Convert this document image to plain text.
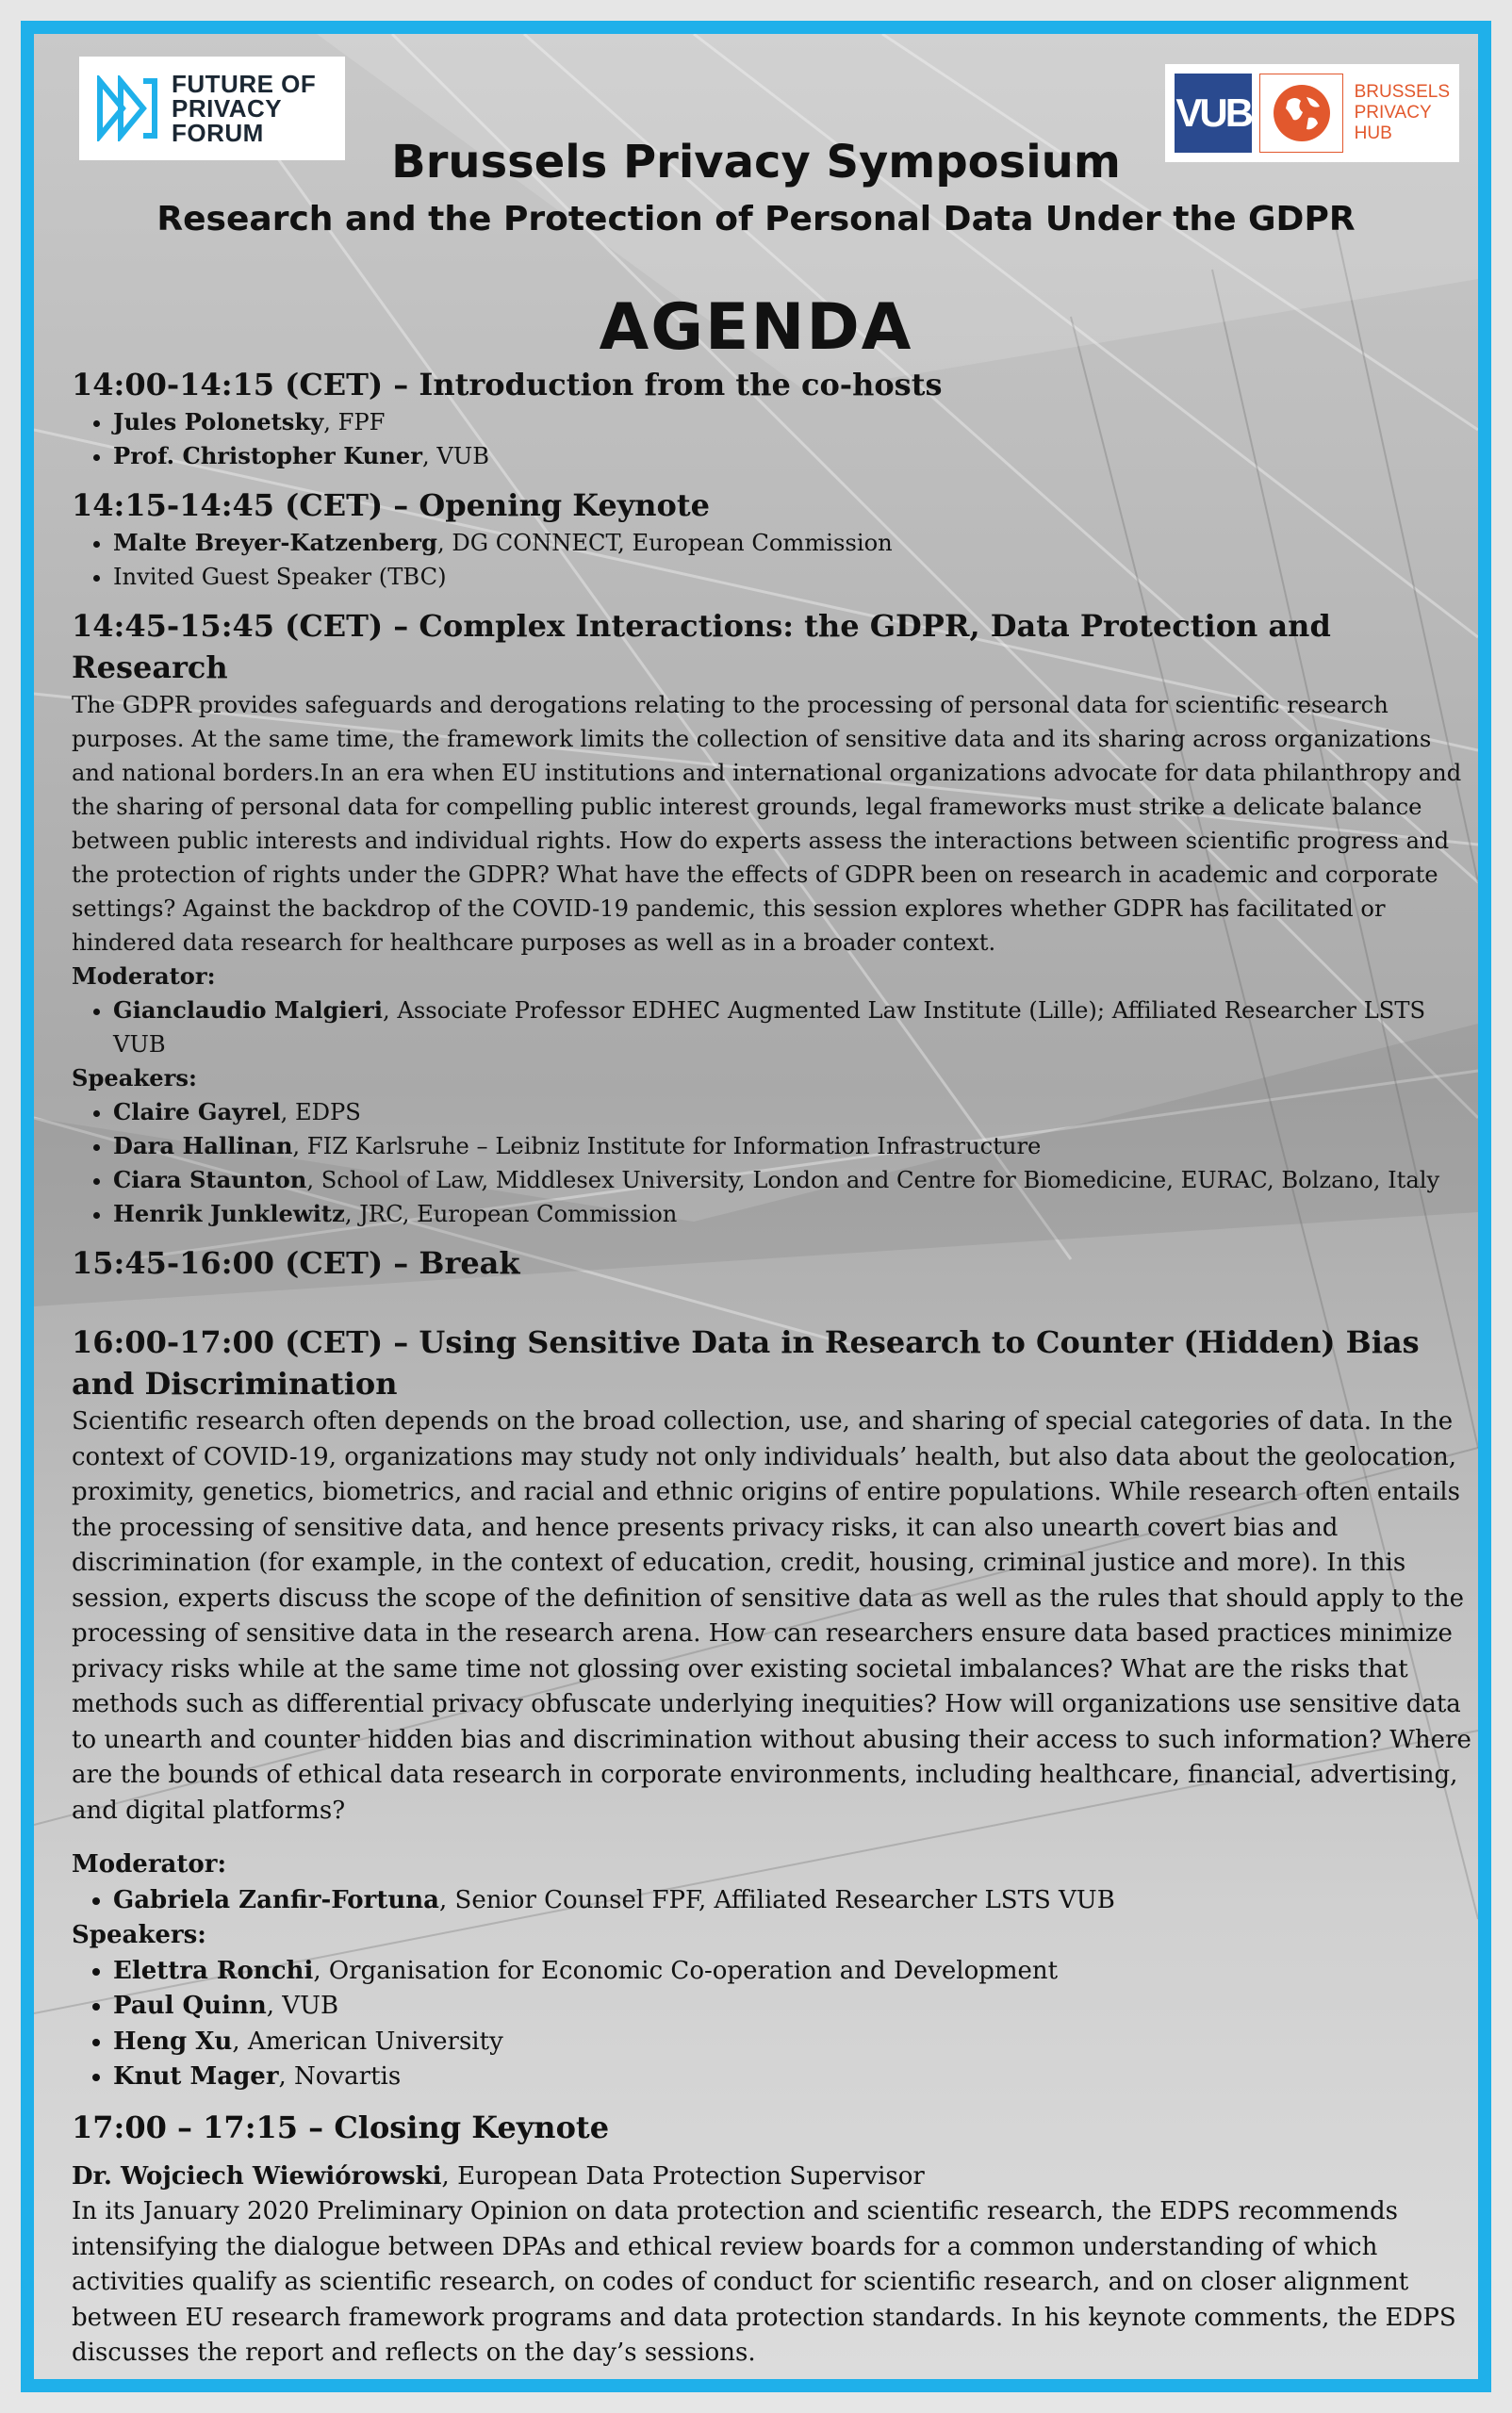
FUTURE OF
PRIVACY
FORUM	VUB	BRUSSELS
PRIVACY
HUB
Brussels Privacy Symposium
Research and the Protection of Personal Data Under the GDPR
AGENDA
14:00-14:15 (CET) – Introduction from the co-hosts
• Jules Polonetsky, FPF
• Prof. Christopher Kuner, VUB
14:15-14:45 (CET) – Opening Keynote
• Malte Breyer-Katzenberg, DG CONNECT, European Commission
• Invited Guest Speaker (TBC)
14:45-15:45 (CET) – Complex Interactions: the GDPR, Data Protection and Research

The GDPR provides safeguards and derogations relating to the processing of personal data for scientific research purposes. At the same time, the framework limits the collection of sensitive data and its sharing across organizations and national borders.In an era when EU institutions and international organizations advocate for data philanthropy and the sharing of personal data for compelling public interest grounds, legal frameworks must strike a delicate balance between public interests and individual rights. How do experts assess the interactions between scientific progress and the protection of rights under the GDPR? What have the effects of GDPR been on research in academic and corporate settings? Against the backdrop of the COVID-19 pandemic, this session explores whether GDPR has facilitated or hindered data research for healthcare purposes as well as in a broader context.

Moderator:
• Gianclaudio Malgieri, Associate Professor EDHEC Augmented Law Institute (Lille); Affiliated Researcher LSTS VUB
Speakers:
• Claire Gayrel, EDPS
• Dara Hallinan, FIZ Karlsruhe – Leibniz Institute for Information Infrastructure
• Ciara Staunton, School of Law, Middlesex University, London and Centre for Biomedicine, EURAC, Bolzano, Italy
• Henrik Junklewitz, JRC, European Commission
15:45-16:00 (CET) – Break
16:00-17:00 (CET) – Using Sensitive Data in Research to Counter (Hidden) Bias and Discrimination

Scientific research often depends on the broad collection, use, and sharing of special categories of data. In the context of COVID-19, organizations may study not only individuals’ health, but also data about the geolocation, proximity, genetics, biometrics, and racial and ethnic origins of entire populations. While research often entails the processing of sensitive data, and hence presents privacy risks, it can also unearth covert bias and discrimination (for example, in the context of education, credit, housing, criminal justice and more). In this session, experts discuss the scope of the definition of sensitive data as well as the rules that should apply to the processing of sensitive data in the research arena. How can researchers ensure data based practices minimize privacy risks while at the same time not glossing over existing societal imbalances? What are the risks that methods such as differential privacy obfuscate underlying inequities? How will organizations use sensitive data to unearth and counter hidden bias and discrimination without abusing their access to such information? Where are the bounds of ethical data research in corporate environments, including healthcare, financial, advertising, and digital platforms?

Moderator:
• Gabriela Zanfir-Fortuna, Senior Counsel FPF, Affiliated Researcher LSTS VUB
Speakers:
• Elettra Ronchi, Organisation for Economic Co-operation and Development
• Paul Quinn, VUB
• Heng Xu, American University
• Knut Mager, Novartis
17:00 – 17:15 – Closing Keynote

Dr. Wojciech Wiewiórowski, European Data Protection Supervisor

In its January 2020 Preliminary Opinion on data protection and scientific research, the EDPS recommends intensifying the dialogue between DPAs and ethical review boards for a common understanding of which activities qualify as scientific research, on codes of conduct for scientific research, and on closer alignment between EU research framework programs and data protection standards. In his keynote comments, the EDPS discusses the report and reflects on the day’s sessions.
